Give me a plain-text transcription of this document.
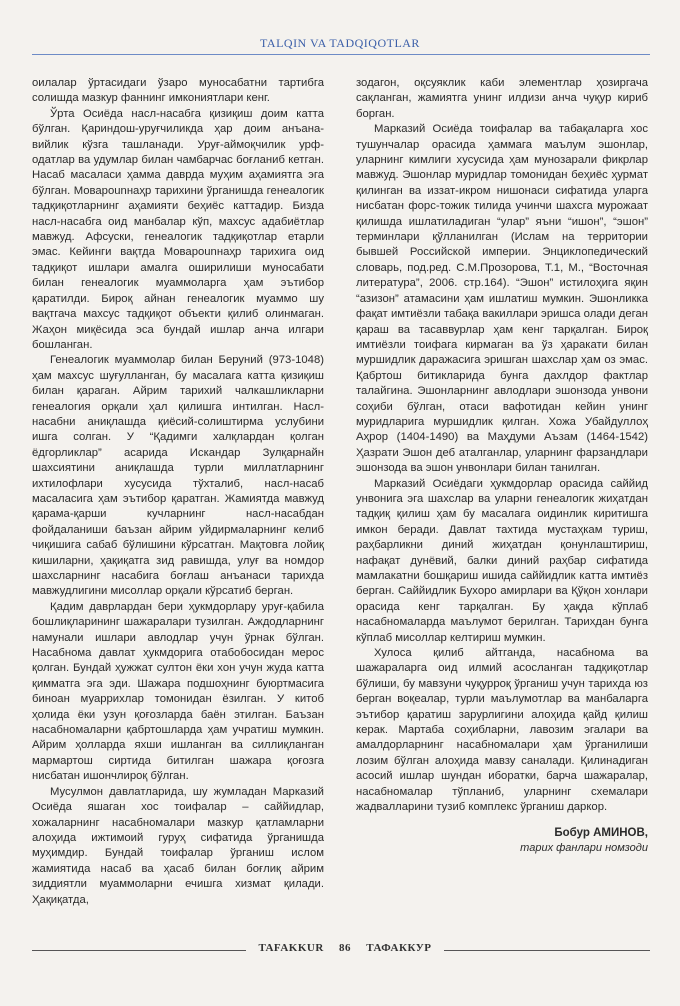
TALQIN VA TADQIQOTLAR

оилалар ўртасидаги ўзаро муносабатни тартибга солишда мазкур фаннинг имкониятлари кенг.

Ўрта Осиёда насл-насабга қизиқиш доим катта бўлган. Қариндош-уруғчиликда ҳар доим анъана-вийлик кўзга ташланади. Уруғ-аймоқчилик урф-одатлар ва удумлар билан чамбарчас боғланиб кетган. Насаб масаласи ҳамма даврда муҳим аҳамиятга эга бўлган. Моварounнаҳр тарихини ўрганишда генеалогик тадқиқотларнинг аҳамияти беҳиёс каттадир. Бизда насл-насабга оид манбалар кўп, махсус адабиётлар мавжуд. Афсуски, генеалогик тадқиқотлар етарли эмас. Кейинги вақтда Моварounнаҳр тарихига оид тадқиқот ишлари амалга оширилиши муносабати билан генеалогик муаммоларга ҳам эътибор қаратилди. Бироқ айнан генеалогик муаммо шу вақтгача махсус тадқиқот объекти қилиб олинмаган. Жаҳон миқёсида эса бундай ишлар анча илгари бошланган.

Генеалогик муаммолар билан Беруний (973-1048) ҳам махсус шуғулланган, бу масалага катта қизиқиш билан қараган. Айрим тарихий чалкашликларни генеалогия орқали ҳал қилишга интилган. Насл-насабни аниқлашда қиёсий-солиштирма услубини ишга солган. У “Қадимги халқлардан қолган ёдгорликлар” асарида Искандар Зулқарнайн шахсиятини аниқлашда турли миллатларнинг ихтилофлари хусусида тўхталиб, насл-насаб масаласига ҳам эътибор қаратган. Жамиятда мавжуд қарама-қарши кучларнинг насл-насабдан фойдаланиши баъзан айрим уйдирмаларнинг келиб чиқишига сабаб бўлишини кўрсатган. Мақтовга лойиқ кишиларни, ҳақиқатга зид равишда, улуғ ва номдор шахсларнинг насабига боғлаш анъанаси тарихда мавжудлигини мисоллар орқали кўрсатиб берган.

Қадим даврлардан бери ҳукмдорлару уруғ-қабила бошлиқларининг шажаралари тузилган. Аждодларнинг намунали ишлари авлодлар учун ўрнак бўлган. Насабнома давлат ҳукмдорига отабобосидан мерос қолган. Бундай ҳужжат султон ёки хон учун жуда катта қимматга эга эди. Шажара подшоҳнинг буюртмасига биноан муаррихлар томонидан ёзилган. У китоб ҳолида ёки узун қоғозларда баён этилган. Баъзан насабномаларни қабртошларда ҳам учратиш мумкин. Айрим ҳолларда яхши ишланган ва силлиқланган мармартош сиртида битилган шажара қоғозга нисбатан ишончлироқ бўлган.

Мусулмон давлатларида, шу жумладан Марказий Осиёда яшаган хос тоифалар – саййидлар, хожаларнинг насабномалари мазкур қатламларни алоҳида ижтимоий гуруҳ сифатида ўрганишда муҳимдир. Бундай тоифалар ўрганиш ислом жамиятида насаб ва ҳасаб билан боғлиқ айрим зиддиятли муаммоларни ечишга хизмат қилади. Ҳақиқатда,

зодагон, оқсуяклик каби элементлар ҳозиргача сақланган, жамиятга унинг илдизи анча чуқур кириб борган.

Марказий Осиёда тоифалар ва табақаларга хос тушунчалар орасида ҳаммага маълум эшонлар, уларнинг кимлиги хусусида ҳам мунозарали фикрлар мавжуд. Эшонлар муридлар томонидан беҳиёс ҳурмат қилинган ва иззат-икром нишонаси сифатида уларга нисбатан форс-тожик тилида учинчи шахсга мурожаат қилишда ишлатиладиган “улар” яъни “ишон”, “эшон” терминлари қўлланилган (Ислам на территории бывшей Российской империи. Энциклопедический словарь, под.ред. С.М.Прозорова, Т.1, М., “Восточная литература”, 2006. стр.164). “Эшон” истилоҳига яқин “азизон” атамасини ҳам ишлатиш мумкин. Эшонликка фақат имтиёзли табақа вакиллари эришса олади деган қараш ва тасаввурлар ҳам кенг тарқалган. Бироқ имтиёзли тоифага кирмаган ва ўз ҳаракати билан муршидлик даражасига эришган шахслар ҳам оз эмас. Қабртош битикларида бунга дахлдор фактлар талайгина. Эшонларнинг авлодлари эшонзода унвони соҳиби бўлган, отаси вафотидан кейин унинг муридларига муршидлик қилган. Хожа Убайдуллоҳ Аҳрор (1404-1490) ва Маҳдуми Аъзам (1464-1542) Ҳазрати Эшон деб аталганлар, уларнинг фарзандлари эшонзода ва эшон унвонлари билан танилган.

Марказий Осиёдаги ҳукмдорлар орасида саййид унвонига эга шахслар ва уларни генеалогик жиҳатдан тадқиқ қилиш ҳам бу масалага оидинлик киритишга имкон беради. Давлат тахтида мустаҳкам туриш, раҳбарликни диний жиҳатдан қонунлаштириш, нафақат дунёвий, балки диний раҳбар сифатида мамлакатни бошқариш ишида саййидлик катта имтиёз берган. Саййидлик Бухоро амирлари ва Қўқон хонлари орасида кенг тарқалган. Бу ҳақда кўплаб насабномаларда маълумот берилган. Тарихдан бунга кўплаб мисоллар келтириш мумкин.

Хулоса қилиб айтганда, насабнома ва шажараларга оид илмий асосланган тадқиқотлар бўлиши, бу мавзуни чуқурроқ ўрганиш учун тарихда юз берган воқеалар, турли маълумотлар ва манбаларга эътибор қаратиш зарурлигини алоҳида қайд қилиш керак. Мартаба соҳибларни, лавозим эгалари ва амалдорларнинг насабномалари ҳам ўрганилиши лозим бўлган алоҳида мавзу саналади. Қилинадиган асосий ишлар шундан иборатки, барча шажаралар, насабномалар тўпланиб, уларнинг схемалари жадвалларини тузиб комплекс ўрганиш даркор.

Бобур АМИНОВ,
тарих фанлари номзоди
TAFAKKUR 86 ТАФАККУР
